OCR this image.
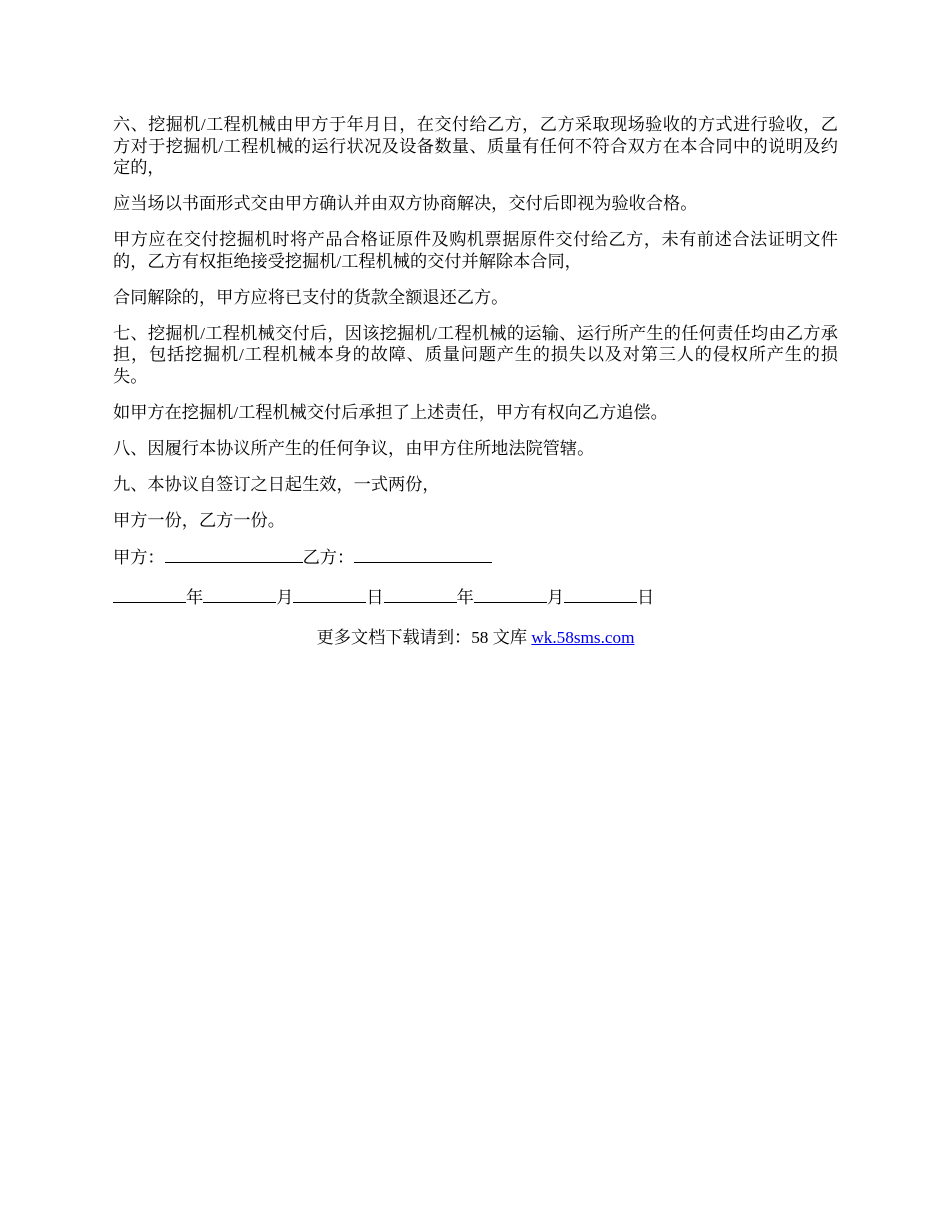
六、挖掘机/工程机械由甲方于年月日，在交付给乙方，乙方采取现场验收的方式进行验收，乙方对于挖掘机/工程机械的运行状况及设备数量、质量有任何不符合双方在本合同中的说明及约定的，

应当场以书面形式交由甲方确认并由双方协商解决，交付后即视为验收合格。

甲方应在交付挖掘机时将产品合格证原件及购机票据原件交付给乙方，未有前述合法证明文件的，乙方有权拒绝接受挖掘机/工程机械的交付并解除本合同，

合同解除的，甲方应将已支付的货款全额退还乙方。

七、挖掘机/工程机械交付后，因该挖掘机/工程机械的运输、运行所产生的任何责任均由乙方承担，包括挖掘机/工程机械本身的故障、质量问题产生的损失以及对第三人的侵权所产生的损失。

如甲方在挖掘机/工程机械交付后承担了上述责任，甲方有权向乙方追偿。

八、因履行本协议所产生的任何争议，由甲方住所地法院管辖。

九、本协议自签订之日起生效，一式两份，

甲方一份，乙方一份。

甲方：	乙方：
年	月	日	年	月	日
更多文档下载请到：58 文库 wk.58sms.com
